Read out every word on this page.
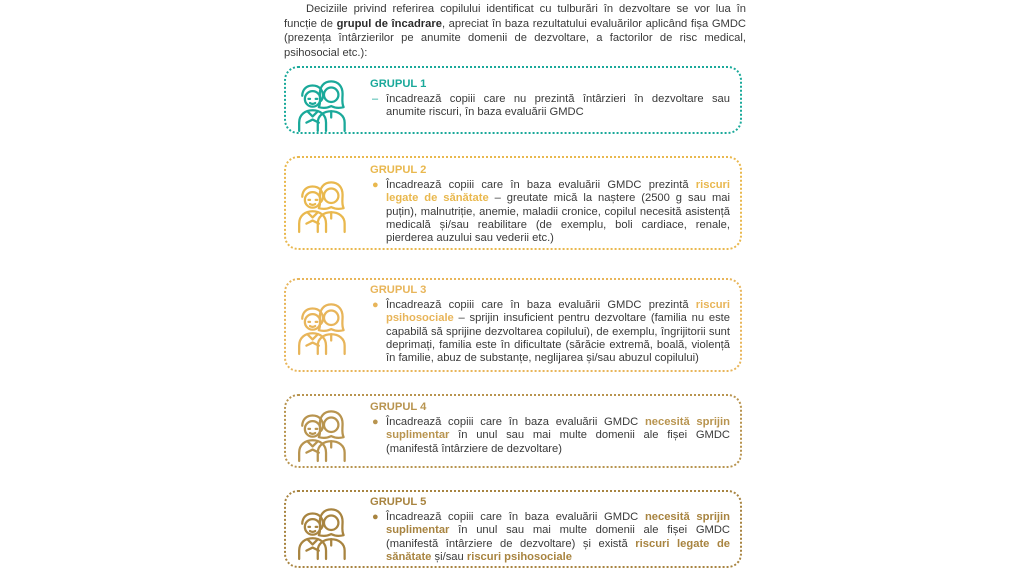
Deciziile privind referirea copilului identificat cu tulburări în dezvoltare se vor lua în funcție de grupul de încadrare, apreciat în baza rezultatului evaluărilor aplicând fișa GMDC (prezența întârzierilor pe anumite domenii de dezvoltare, a factorilor de risc medical, psihosocial etc.):
GRUPUL 1
– încadrează copiii care nu prezintă întârzieri în dezvoltare sau anumite riscuri, în baza evaluării GMDC
GRUPUL 2
● Încadrează copiii care în baza evaluării GMDC prezintă riscuri legate de sănătate – greutate mică la naștere (2500 g sau mai puțin), malnutriție, anemie, maladii cronice, copilul necesită asistență medicală și/sau reabilitare (de exemplu, boli cardiace, renale, pierderea auzului sau vederii etc.)
GRUPUL 3
● Încadrează copiii care în baza evaluării GMDC prezintă riscuri psihosociale – sprijin insuficient pentru dezvoltare (familia nu este capabilă să sprijine dezvoltarea copilului), de exemplu, îngrijitorii sunt deprimați, familia este în dificultate (sărăcie extremă, boală, violență în familie, abuz de substanțe, neglijarea și/sau abuzul copilului)
GRUPUL 4
● Încadrează copiii care în baza evaluării GMDC necesită sprijin suplimentar în unul sau mai multe domenii ale fișei GMDC (manifestă întârziere de dezvoltare)
GRUPUL 5
● Încadrează copiii care în baza evaluării GMDC necesită sprijin suplimentar în unul sau mai multe domenii ale fișei GMDC (manifestă întârziere de dezvoltare) și există riscuri legate de sănătate și/sau riscuri psihosociale
